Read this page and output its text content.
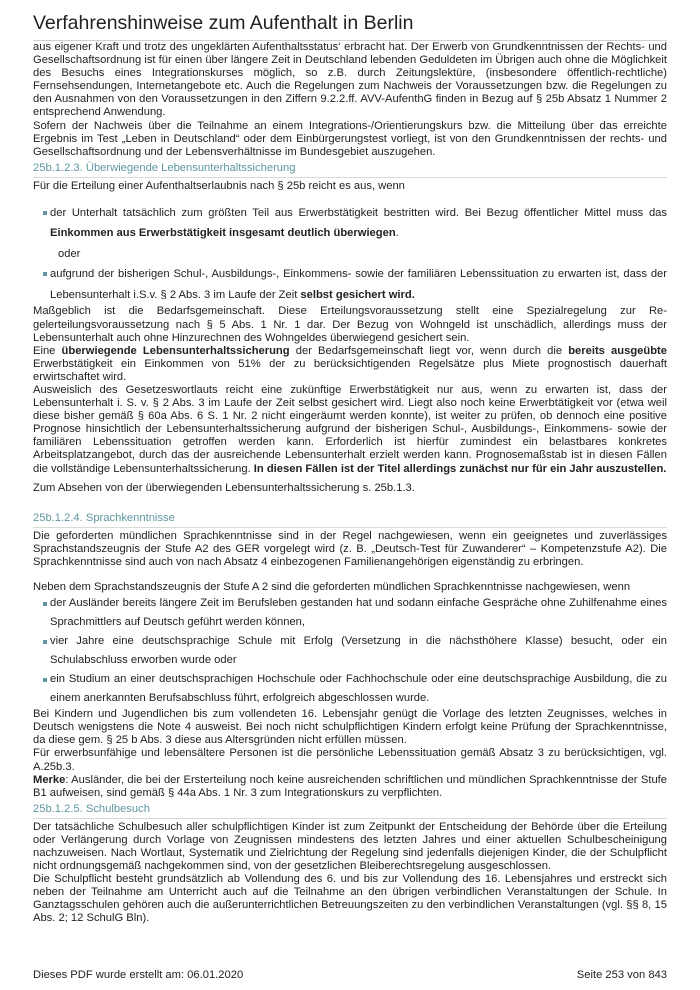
Verfahrenshinweise zum Aufenthalt in Berlin

aus eigener Kraft und trotz des ungeklärten Aufenthaltsstatus‘ erbracht hat. Der Erwerb von Grundkenntnissen der Rechts- und Gesellschaftsordnung ist für einen über längere Zeit in Deutschland lebenden Geduldeten im Übrigen auch ohne die Möglichkeit des Besuchs eines Integrationskurses möglich, so z.B. durch Zeitungslektüre, (insbesondere öffentlich-rechtliche) Fernsehsendungen, Internetangebote etc. Auch die Regelungen zum Nachweis der Voraussetzungen bzw. die Regelungen zu den Ausnahmen von den Voraussetzungen in den Ziffern 9.2.2.ff. AVV-AufenthG finden in Bezug auf § 25b Absatz 1 Nummer 2 entsprechend Anwendung.

Sofern der Nachweis über die Teilnahme an einem Integrations-/Orientierungskurs bzw. die Mitteilung über das erreichte Ergebnis im Test „Leben in Deutschland“ oder dem Einbürgerungstest vorliegt, ist von den Grundkenntnissen der rechts- und Gesellschaftsordnung und der Lebensverhältnisse im Bundesgebiet auszugehen.

25b.1.2.3. Überwiegende Lebensunterhaltssicherung

Für die Erteilung einer Aufenthaltserlaubnis nach § 25b reicht es aus, wenn

der Unterhalt tatsächlich zum größten Teil aus Erwerbstätigkeit bestritten wird. Bei Bezug öffentlicher Mittel muss das Einkommen aus Erwerbstätigkeit insgesamt deutlich überwiegen.
oder
aufgrund der bisherigen Schul-, Ausbildungs-, Einkommens- sowie der familiären Lebenssituation zu erwarten ist, dass der Lebensunterhalt i.S.v. § 2 Abs. 3 im Laufe der Zeit selbst gesichert wird.

Maßgeblich ist die Bedarfsgemeinschaft. Diese Erteilungsvoraussetzung stellt eine Spezialregelung zur Re-gelerteilungsvoraussetzung nach § 5 Abs. 1 Nr. 1 dar. Der Bezug von Wohngeld ist unschädlich, allerdings muss der Lebensunterhalt auch ohne Hinzurechnen des Wohngeldes überwiegend gesichert sein.

Eine überwiegende Lebensunterhaltssicherung der Bedarfsgemeinschaft liegt vor, wenn durch die bereits ausgeübte Erwerbstätigkeit ein Einkommen von 51% der zu berücksichtigenden Regelsätze plus Miete prognostisch dauerhaft erwirtschaftet wird.

Ausweislich des Gesetzeswortlauts reicht eine zukünftige Erwerbstätigkeit nur aus, wenn zu erwarten ist, dass der Lebensunterhalt i. S. v. § 2 Abs. 3 im Laufe der Zeit selbst gesichert wird. Liegt also noch keine Erwerbtätigkeit vor (etwa weil diese bisher gemäß § 60a Abs. 6 S. 1 Nr. 2 nicht eingeräumt werden konnte), ist weiter zu prüfen, ob dennoch eine positive Prognose hinsichtlich der Lebensunterhaltssicherung aufgrund der bisherigen Schul-, Ausbildungs-, Einkommens- sowie der familiären Lebenssituation getroffen werden kann. Erforderlich ist hierfür zumindest ein belastbares konkretes Arbeitsplatzangebot, durch das der ausreichende Lebensunterhalt erzielt werden kann. Prognosemaßstab ist in diesen Fällen die vollständige Lebensunterhaltssicherung. In diesen Fällen ist der Titel allerdings zunächst nur für ein Jahr auszustellen.

Zum Absehen von der überwiegenden Lebensunterhaltssicherung s. 25b.1.3.

25b.1.2.4. Sprachkenntnisse

Die geforderten mündlichen Sprachkenntnisse sind in der Regel nachgewiesen, wenn ein geeignetes und zuverlässiges Sprachstandszeugnis der Stufe A2 des GER vorgelegt wird (z. B. „Deutsch-Test für Zuwanderer“ – Kompetenzstufe A2). Die Sprachkenntnisse sind auch von nach Absatz 4 einbezogenen Familienangehörigen eigenständig zu erbringen.

Neben dem Sprachstandszeugnis der Stufe A 2 sind die geforderten mündlichen Sprachkenntnisse nachgewiesen, wenn

der Ausländer bereits längere Zeit im Berufsleben gestanden hat und sodann einfache Gespräche ohne Zuhilfenahme eines Sprachmittlers auf Deutsch geführt werden können,
vier Jahre eine deutschsprachige Schule mit Erfolg (Versetzung in die nächsthöhere Klasse) besucht, oder ein Schulabschluss erworben wurde oder
ein Studium an einer deutschsprachigen Hochschule oder Fachhochschule oder eine deutschsprachige Ausbildung, die zu einem anerkannten Berufsabschluss führt, erfolgreich abgeschlossen wurde.

Bei Kindern und Jugendlichen bis zum vollendeten 16. Lebensjahr genügt die Vorlage des letzten Zeugnisses, welches in Deutsch wenigstens die Note 4 ausweist. Bei noch nicht schulpflichtigen Kindern erfolgt keine Prüfung der Sprachkenntnisse, da diese gem. § 25 b Abs. 3 diese aus Altersgründen nicht erfüllen müssen.

Für erwerbsunfähige und lebensältere Personen ist die persönliche Lebenssituation gemäß Absatz 3 zu berücksichtigen, vgl. A.25b.3.

Merke: Ausländer, die bei der Ersterteilung noch keine ausreichenden schriftlichen und mündlichen Sprachkenntnisse der Stufe B1 aufweisen, sind gemäß § 44a Abs. 1 Nr. 3 zum Integrationskurs zu verpflichten.

25b.1.2.5. Schulbesuch

Der tatsächliche Schulbesuch aller schulpflichtigen Kinder ist zum Zeitpunkt der Entscheidung der Behörde über die Erteilung oder Verlängerung durch Vorlage von Zeugnissen mindestens des letzten Jahres und einer aktuellen Schulbescheinigung nachzuweisen. Nach Wortlaut, Systematik und Zielrichtung der Regelung sind jedenfalls diejenigen Kinder, die der Schulpflicht nicht ordnungsgemäß nachgekommen sind, von der gesetzlichen Bleiberechtsregelung ausgeschlossen.

Die Schulpflicht besteht grundsätzlich ab Vollendung des 6. und bis zur Vollendung des 16. Lebensjahres und erstreckt sich neben der Teilnahme am Unterricht auch auf die Teilnahme an den übrigen verbindlichen Veranstaltungen der Schule. In Ganztagsschulen gehören auch die außerunterrichtlichen Betreuungszeiten zu den verbindlichen Veranstaltungen (vgl. §§ 8, 15 Abs. 2; 12 SchulG Bln).

Dieses PDF wurde erstellt am: 06.01.2020	Seite 253 von 843
